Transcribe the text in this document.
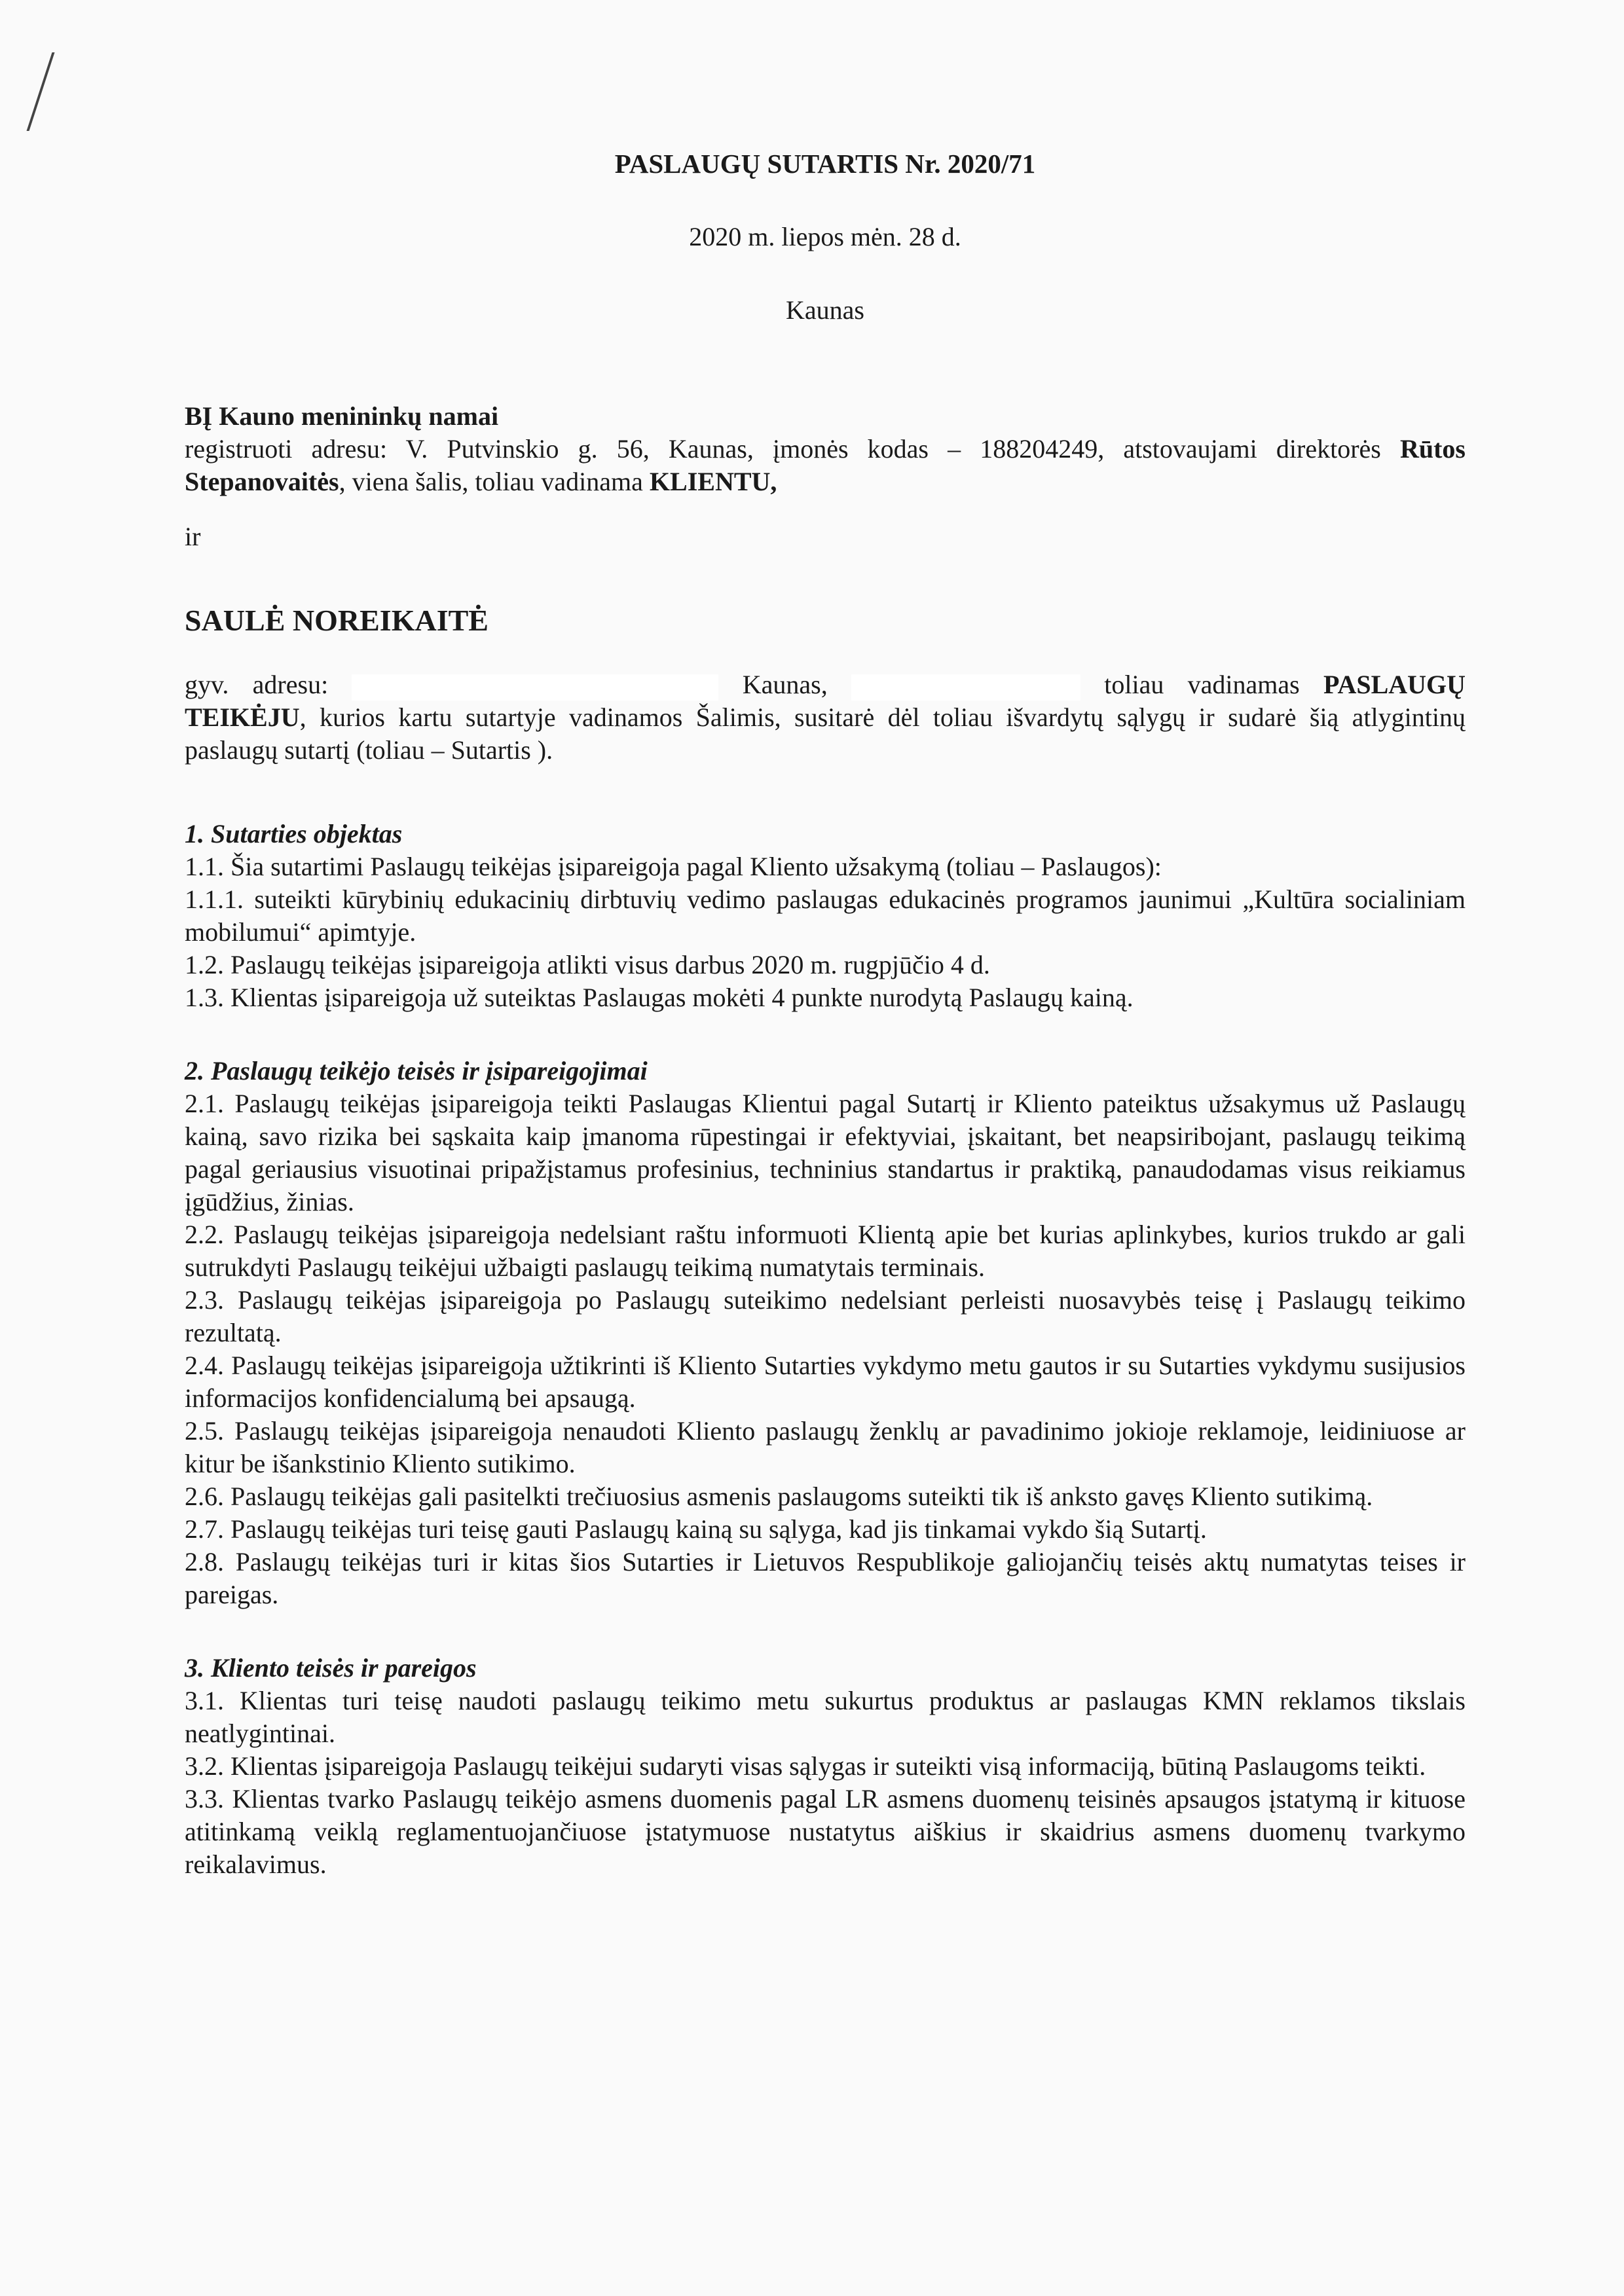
PASLAUGŲ SUTARTIS Nr. 2020/71

2020 m. liepos mėn. 28 d.

Kaunas

BĮ Kauno menininkų namai

registruoti adresu: V. Putvinskio g. 56, Kaunas, įmonės kodas – 188204249, atstovaujami direktorės Rūtos Stepanovaitės, viena šalis, toliau vadinama KLIENTU,

ir

SAULĖ NOREIKAITĖ

gyv. adresu:	Kaunas,	toliau vadinamas PASLAUGŲ TEIKĖJU, kurios kartu sutartyje vadinamos Šalimis, susitarė dėl toliau išvardytų sąlygų ir sudarė šią atlygintinų paslaugų sutartį (toliau – Sutartis ).

1. Sutarties objektas

1.1. Šia sutartimi Paslaugų teikėjas įsipareigoja pagal Kliento užsakymą (toliau – Paslaugos):

1.1.1. suteikti kūrybinių edukacinių dirbtuvių vedimo paslaugas edukacinės programos jaunimui „Kultūra socialiniam mobilumui“ apimtyje.

1.2. Paslaugų teikėjas įsipareigoja atlikti visus darbus 2020 m. rugpjūčio 4 d.

1.3. Klientas įsipareigoja už suteiktas Paslaugas mokėti 4 punkte nurodytą Paslaugų kainą.

2. Paslaugų teikėjo teisės ir įsipareigojimai

2.1. Paslaugų teikėjas įsipareigoja teikti Paslaugas Klientui pagal Sutartį ir Kliento pateiktus užsakymus už Paslaugų kainą, savo rizika bei sąskaita kaip įmanoma rūpestingai ir efektyviai, įskaitant, bet neapsiribojant, paslaugų teikimą pagal geriausius visuotinai pripažįstamus profesinius, techninius standartus ir praktiką, panaudodamas visus reikiamus įgūdžius, žinias.

2.2. Paslaugų teikėjas įsipareigoja nedelsiant raštu informuoti Klientą apie bet kurias aplinkybes, kurios trukdo ar gali sutrukdyti Paslaugų teikėjui užbaigti paslaugų teikimą numatytais terminais.

2.3. Paslaugų teikėjas įsipareigoja po Paslaugų suteikimo nedelsiant perleisti nuosavybės teisę į Paslaugų teikimo rezultatą.

2.4. Paslaugų teikėjas įsipareigoja užtikrinti iš Kliento Sutarties vykdymo metu gautos ir su Sutarties vykdymu susijusios informacijos konfidencialumą bei apsaugą.

2.5. Paslaugų teikėjas įsipareigoja nenaudoti Kliento paslaugų ženklų ar pavadinimo jokioje reklamoje, leidiniuose ar kitur be išankstinio Kliento sutikimo.

2.6. Paslaugų teikėjas gali pasitelkti trečiuosius asmenis paslaugoms suteikti tik iš anksto gavęs Kliento sutikimą.

2.7. Paslaugų teikėjas turi teisę gauti Paslaugų kainą su sąlyga, kad jis tinkamai vykdo šią Sutartį.

2.8. Paslaugų teikėjas turi ir kitas šios Sutarties ir Lietuvos Respublikoje galiojančių teisės aktų numatytas teises ir pareigas.

3. Kliento teisės ir pareigos

3.1. Klientas turi teisę naudoti paslaugų teikimo metu sukurtus produktus ar paslaugas KMN reklamos tikslais neatlygintinai.

3.2. Klientas įsipareigoja Paslaugų teikėjui sudaryti visas sąlygas ir suteikti visą informaciją, būtiną Paslaugoms teikti.

3.3. Klientas tvarko Paslaugų teikėjo asmens duomenis pagal LR asmens duomenų teisinės apsaugos įstatymą ir kituose atitinkamą veiklą reglamentuojančiuose įstatymuose nustatytus aiškius ir skaidrius asmens duomenų tvarkymo reikalavimus.
